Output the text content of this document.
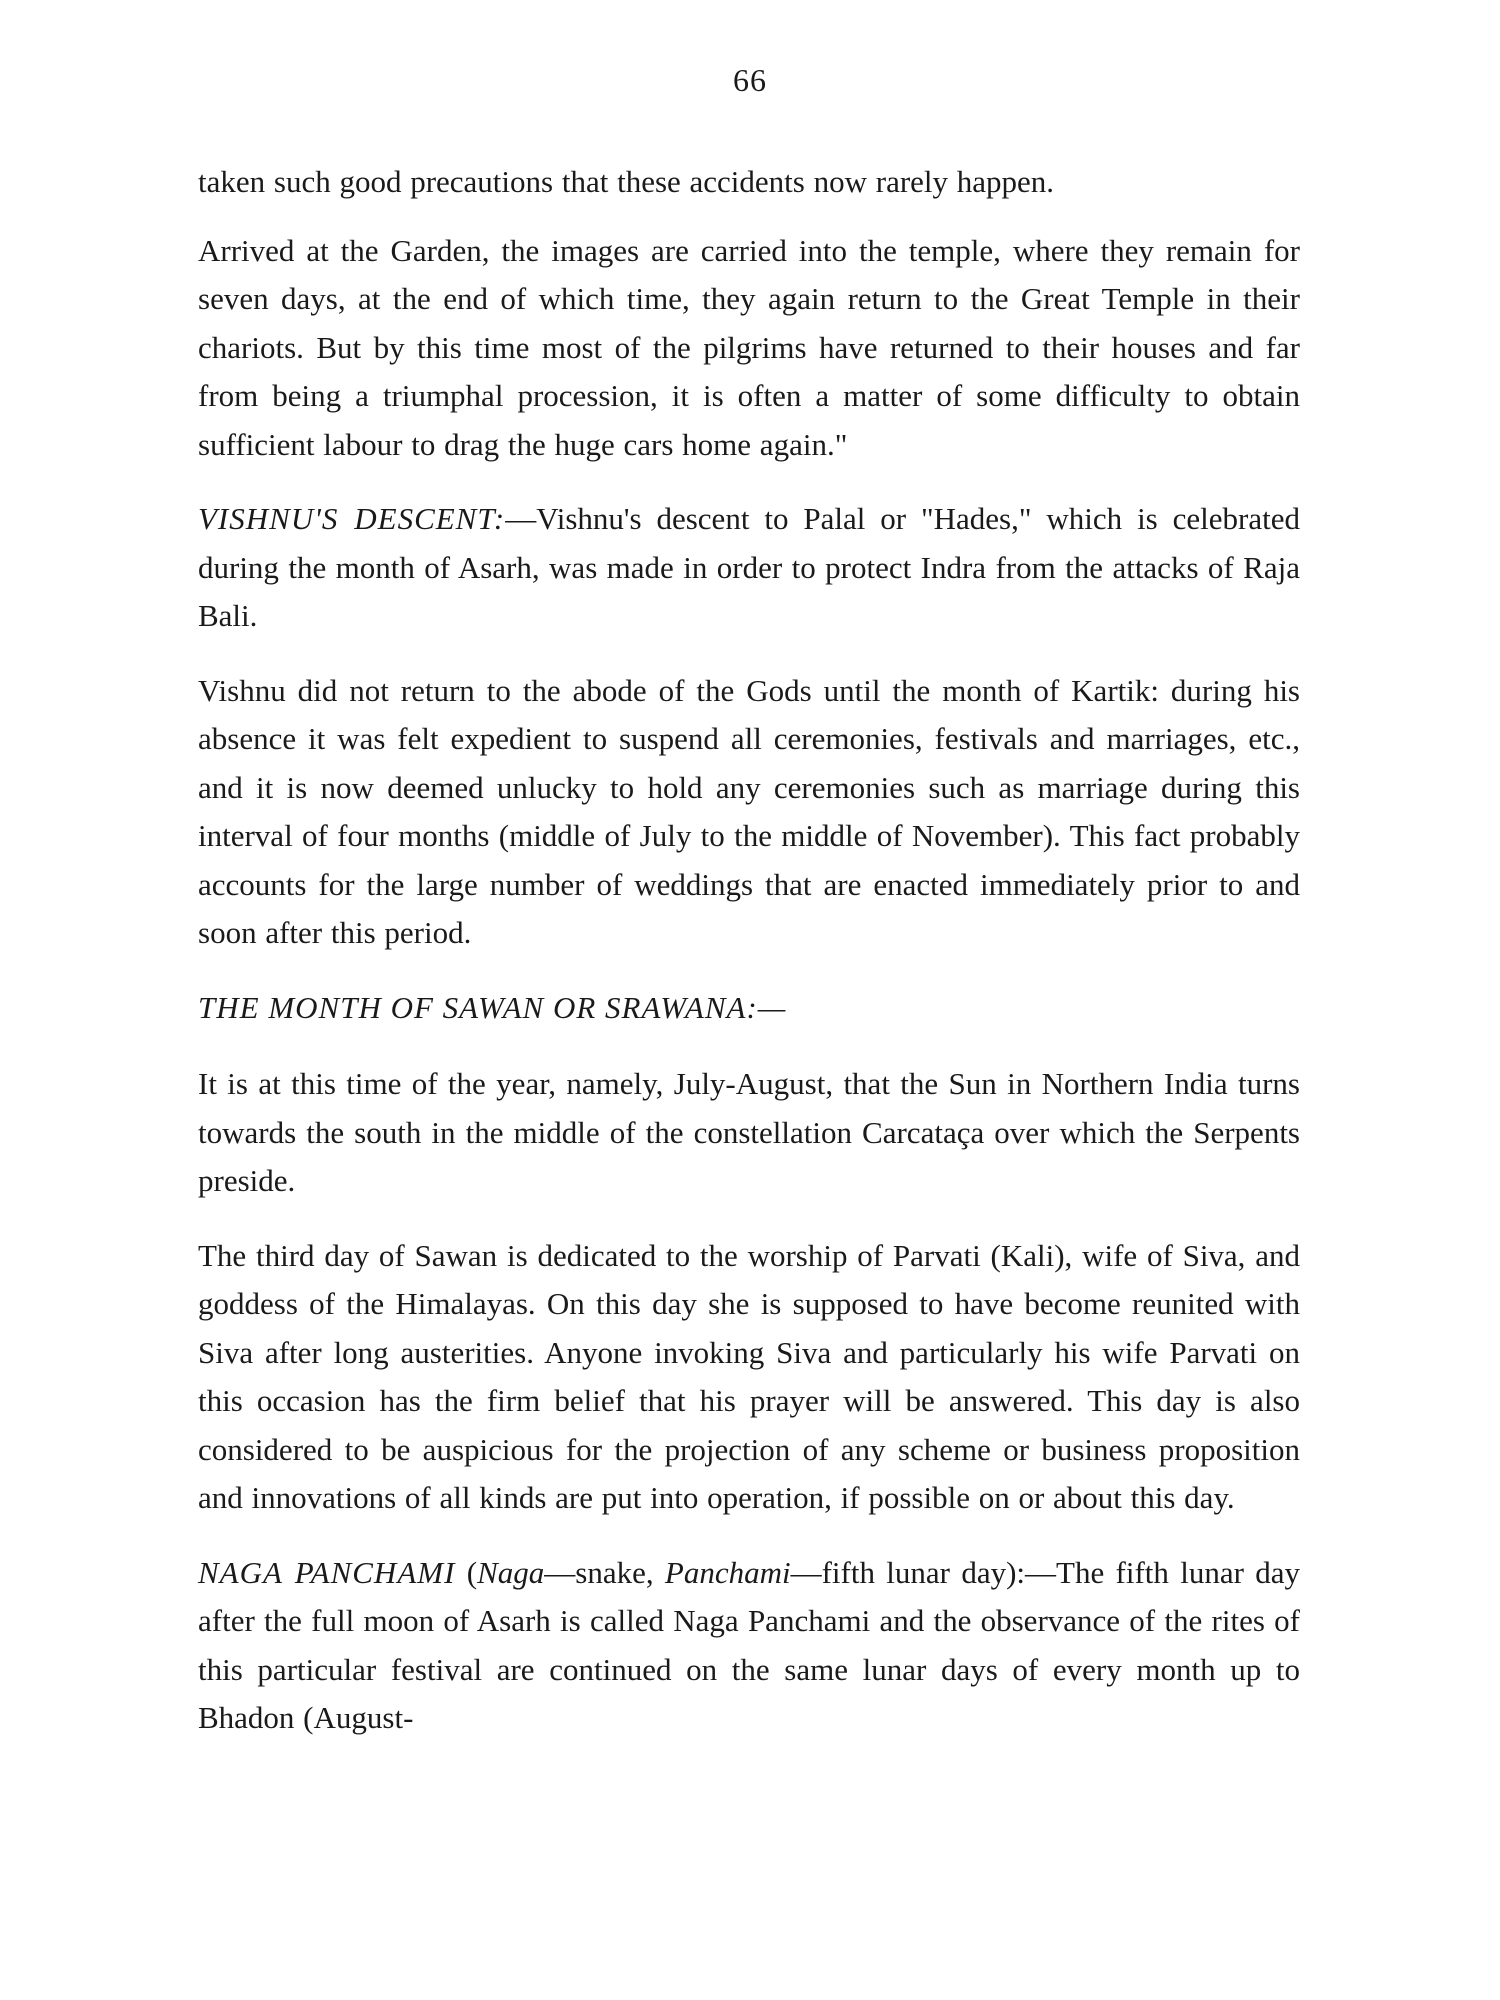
66

taken such good precautions that these accidents now rarely happen.

Arrived at the Garden, the images are carried into the temple, where they remain for seven days, at the end of which time, they again return to the Great Temple in their chariots. But by this time most of the pilgrims have returned to their houses and far from being a triumphal procession, it is often a matter of some difficulty to obtain sufficient labour to drag the huge cars home again."

VISHNU'S DESCENT:—Vishnu's descent to Palal or "Hades," which is celebrated during the month of Asarh, was made in order to protect Indra from the attacks of Raja Bali.

Vishnu did not return to the abode of the Gods until the month of Kartik: during his absence it was felt expedient to suspend all ceremonies, festivals and marriages, etc., and it is now deemed unlucky to hold any ceremonies such as marriage during this interval of four months (middle of July to the middle of November). This fact probably accounts for the large number of weddings that are enacted immediately prior to and soon after this period.

THE MONTH OF SAWAN OR SRAWANA:—

It is at this time of the year, namely, July-August, that the Sun in Northern India turns towards the south in the middle of the constellation Carcataça over which the Serpents preside.

The third day of Sawan is dedicated to the worship of Parvati (Kali), wife of Siva, and goddess of the Himalayas. On this day she is supposed to have become reunited with Siva after long austerities. Anyone invoking Siva and particularly his wife Parvati on this occasion has the firm belief that his prayer will be answered. This day is also considered to be auspicious for the projection of any scheme or business proposition and innovations of all kinds are put into operation, if possible on or about this day.

NAGA PANCHAMI (Naga—snake, Panchami—fifth lunar day):—The fifth lunar day after the full moon of Asarh is called Naga Panchami and the observance of the rites of this particular festival are continued on the same lunar days of every month up to Bhadon (August-
